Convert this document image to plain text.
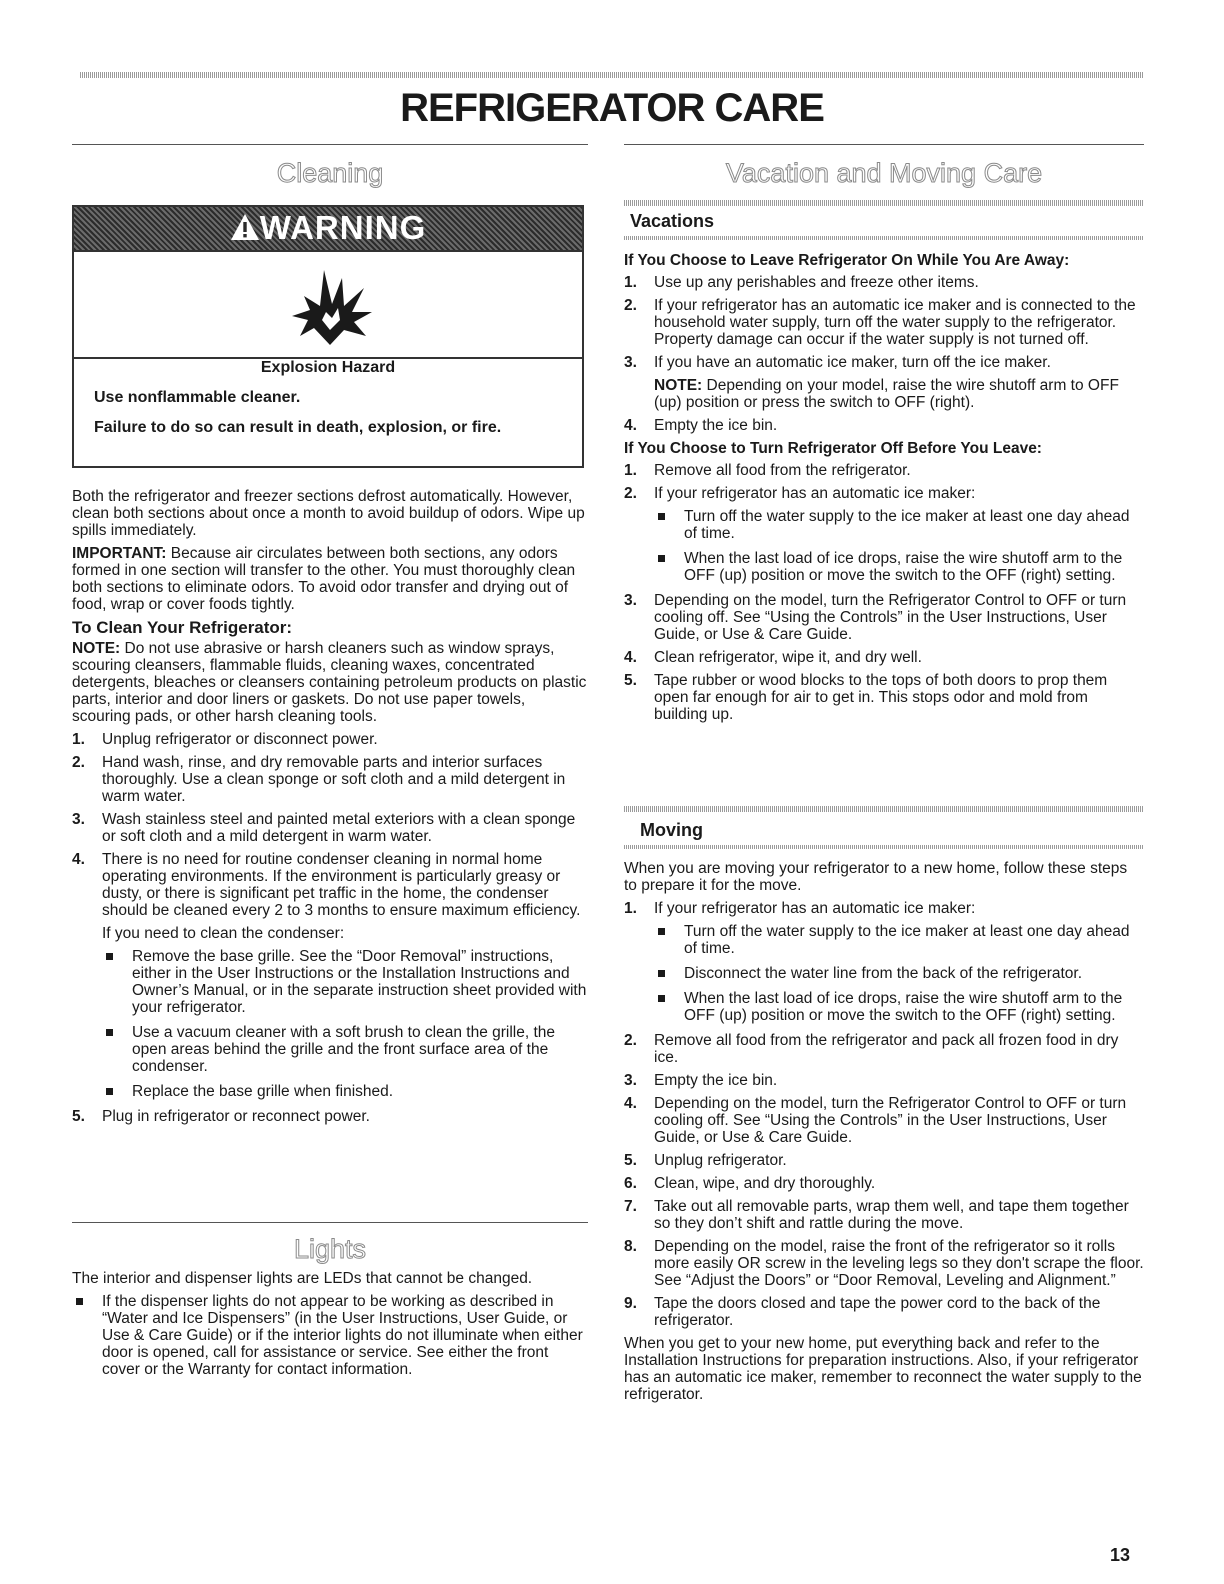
REFRIGERATOR CARE
Cleaning
WARNING
Explosion Hazard
Use nonflammable cleaner.
Failure to do so can result in death, explosion, or fire.

Both the refrigerator and freezer sections defrost automatically. However, clean both sections about once a month to avoid buildup of odors. Wipe up spills immediately.

IMPORTANT: Because air circulates between both sections, any odors formed in one section will transfer to the other. You must thoroughly clean both sections to eliminate odors. To avoid odor transfer and drying out of food, wrap or cover foods tightly.

To Clean Your Refrigerator:

NOTE: Do not use abrasive or harsh cleaners such as window sprays, scouring cleansers, flammable fluids, cleaning waxes, concentrated detergents, bleaches or cleansers containing petroleum products on plastic parts, interior and door liners or gaskets. Do not use paper towels, scouring pads, or other harsh cleaning tools.

1. Unplug refrigerator or disconnect power.
2. Hand wash, rinse, and dry removable parts and interior surfaces thoroughly. Use a clean sponge or soft cloth and a mild detergent in warm water.
3. Wash stainless steel and painted metal exteriors with a clean sponge or soft cloth and a mild detergent in warm water.
4. There is no need for routine condenser cleaning in normal home operating environments. If the environment is particularly greasy or dusty, or there is significant pet traffic in the home, the condenser should be cleaned every 2 to 3 months to ensure maximum efficiency.
If you need to clean the condenser:
Remove the base grille. See the “Door Removal” instructions, either in the User Instructions or the Installation Instructions and Owner’s Manual, or in the separate instruction sheet provided with your refrigerator.
Use a vacuum cleaner with a soft brush to clean the grille, the open areas behind the grille and the front surface area of the condenser.
Replace the base grille when finished.
5. Plug in refrigerator or reconnect power.
Lights

The interior and dispenser lights are LEDs that cannot be changed.

If the dispenser lights do not appear to be working as described in “Water and Ice Dispensers” (in the User Instructions, User Guide, or Use & Care Guide) or if the interior lights do not illuminate when either door is opened, call for assistance or service. See either the front cover or the Warranty for contact information.
Vacation and Moving Care
Vacations
If You Choose to Leave Refrigerator On While You Are Away:
1. Use up any perishables and freeze other items.
2. If your refrigerator has an automatic ice maker and is connected to the household water supply, turn off the water supply to the refrigerator. Property damage can occur if the water supply is not turned off.
3. If you have an automatic ice maker, turn off the ice maker.
NOTE: Depending on your model, raise the wire shutoff arm to OFF (up) position or press the switch to OFF (right).
4. Empty the ice bin.
If You Choose to Turn Refrigerator Off Before You Leave:
1. Remove all food from the refrigerator.
2. If your refrigerator has an automatic ice maker:
Turn off the water supply to the ice maker at least one day ahead of time.
When the last load of ice drops, raise the wire shutoff arm to the OFF (up) position or move the switch to the OFF (right) setting.
3. Depending on the model, turn the Refrigerator Control to OFF or turn cooling off. See “Using the Controls” in the User Instructions, User Guide, or Use & Care Guide.
4. Clean refrigerator, wipe it, and dry well.
5. Tape rubber or wood blocks to the tops of both doors to prop them open far enough for air to get in. This stops odor and mold from building up.
Moving

When you are moving your refrigerator to a new home, follow these steps to prepare it for the move.

1. If your refrigerator has an automatic ice maker:
Turn off the water supply to the ice maker at least one day ahead of time.
Disconnect the water line from the back of the refrigerator.
When the last load of ice drops, raise the wire shutoff arm to the OFF (up) position or move the switch to the OFF (right) setting.
2. Remove all food from the refrigerator and pack all frozen food in dry ice.
3. Empty the ice bin.
4. Depending on the model, turn the Refrigerator Control to OFF or turn cooling off. See “Using the Controls” in the User Instructions, User Guide, or Use & Care Guide.
5. Unplug refrigerator.
6. Clean, wipe, and dry thoroughly.
7. Take out all removable parts, wrap them well, and tape them together so they don’t shift and rattle during the move.
8. Depending on the model, raise the front of the refrigerator so it rolls more easily OR screw in the leveling legs so they don't scrape the floor. See “Adjust the Doors” or “Door Removal, Leveling and Alignment.”
9. Tape the doors closed and tape the power cord to the back of the refrigerator.

When you get to your new home, put everything back and refer to the Installation Instructions for preparation instructions. Also, if your refrigerator has an automatic ice maker, remember to reconnect the water supply to the refrigerator.

13
